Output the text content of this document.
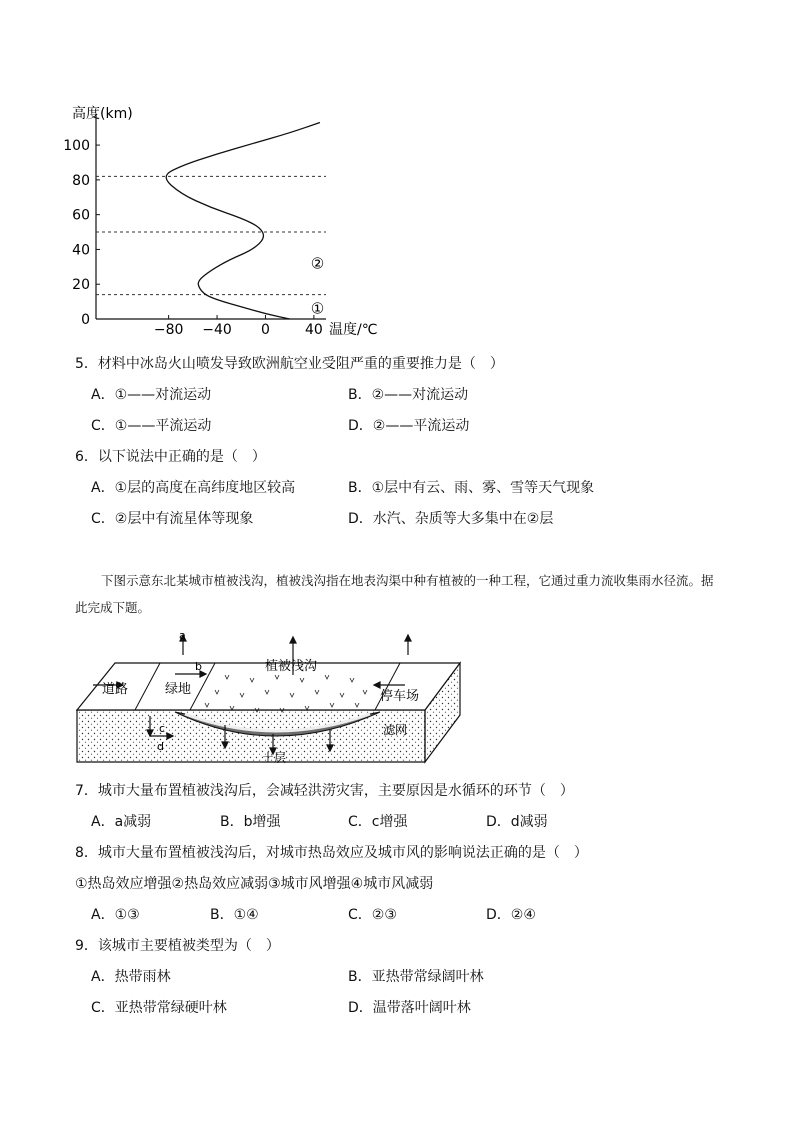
0
20
40
60
80
100
−80 −40 0	40
高度(km)
温度/℃
①
②
5．材料中冰岛火山喷发导致欧洲航空业受阻严重的重要推力是（　）
A．①——对流运动	B．②——对流运动
C．①——平流运动	D．②——平流运动
6．以下说法中正确的是（　）
A．①层的高度在高纬度地区较高	B．①层中有云、雨、雾、雪等天气现象
C．②层中有流星体等现象	D．水汽、杂质等大多集中在②层
下图示意东北某城市植被浅沟，植被浅沟指在地表沟渠中种有植被的一种工程，它通过重力流收集雨水径流。据此完成下题。
道路	绿地
植被浅沟
停车场
滤网
土层
a
b
c
d
7．城市大量布置植被浅沟后，会减轻洪涝灾害，主要原因是水循环的环节（　）
A．a减弱	B．b增强	C．c增强	D．d减弱
8．城市大量布置植被浅沟后，对城市热岛效应及城市风的影响说法正确的是（　）
①热岛效应增强②热岛效应减弱③城市风增强④城市风减弱
A．①③	B．①④	C．②③	D．②④
9．该城市主要植被类型为（　）
A．热带雨林	B．亚热带常绿阔叶林
C．亚热带常绿硬叶林	D．温带落叶阔叶林
